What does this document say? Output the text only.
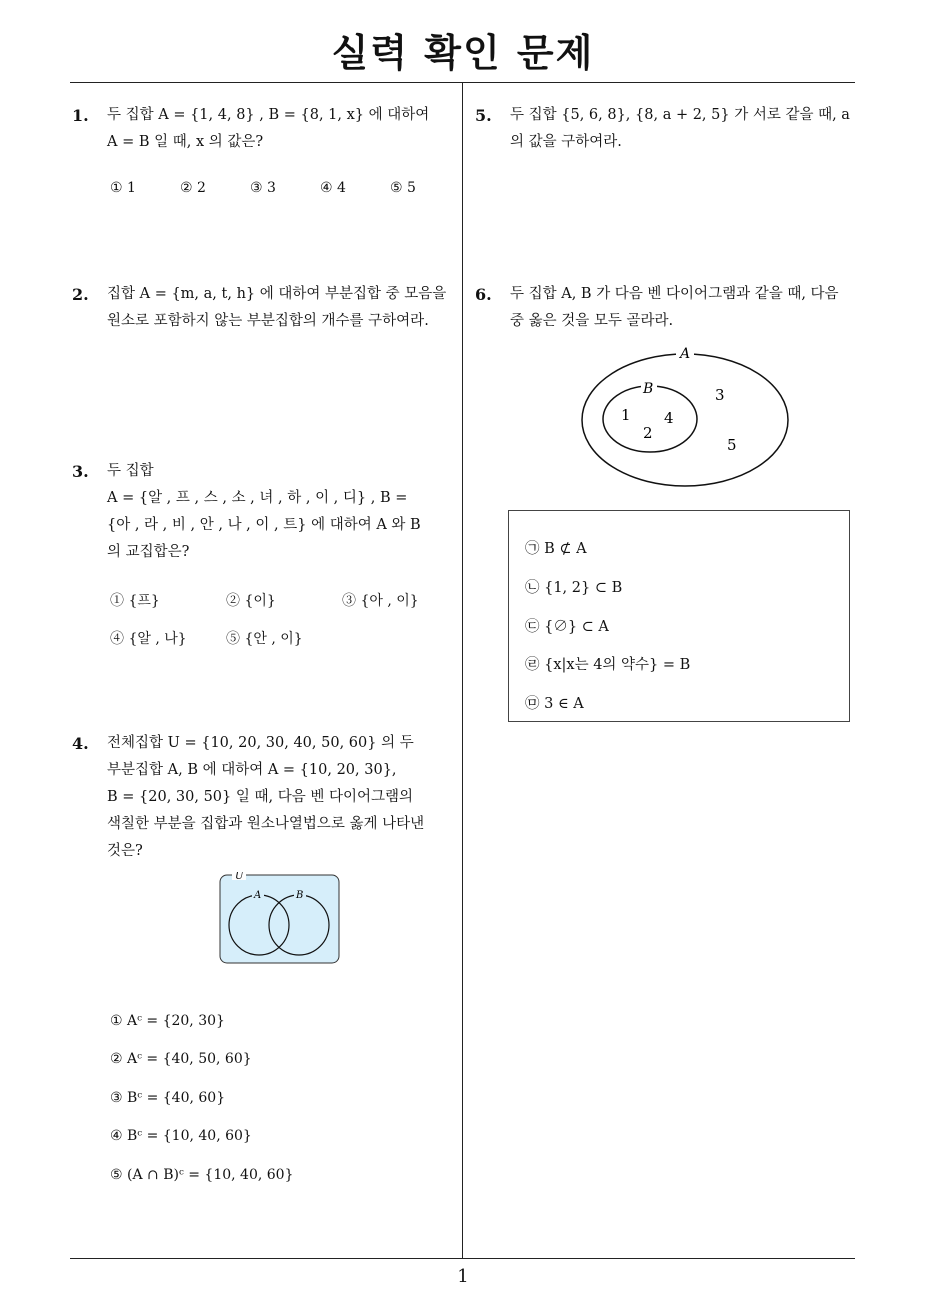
실력 확인 문제
1
1. 두 집합 A = {1, 4, 8} , B = {8, 1, x} 에 대하여
A = B 일 때, x 의 값은?
① 1	② 2	③ 3	④ 4	⑤ 5
2. 집합 A = {m, a, t, h} 에 대하여 부분집합 중 모음을
원소로 포함하지 않는 부분집합의 개수를 구하여라.
3. 두 집합
A = {알 , 프 , 스 , 소 , 녀 , 하 , 이 , 디} , B =
{아 , 라 , 비 , 안 , 나 , 이 , 트} 에 대하여 A 와 B
의 교집합은?
① {프}	② {이}	③ {아 , 이}
④ {알 , 나}	⑤ {안 , 이}
4. 전체집합 U = {10, 20, 30, 40, 50, 60} 의 두
부분집합 A, B 에 대하여 A = {10, 20, 30},
B = {20, 30, 50} 일 때, 다음 벤 다이어그램의
색칠한 부분을 집합과 원소나열법으로 옳게 나타낸
것은?
U
A	B
① Aᶜ = {20, 30}
② Aᶜ = {40, 50, 60}
③ Bᶜ = {40, 60}
④ Bᶜ = {10, 40, 60}
⑤ (A ∩ B)ᶜ = {10, 40, 60}
5. 두 집합 {5, 6, 8}, {8, a + 2, 5} 가 서로 같을 때, a
의 값을 구하여라.
6. 두 집합 A, B 가 다음 벤 다이어그램과 같을 때, 다음
중 옳은 것을 모두 골라라.
A
B
1
2
4
3
5
㉠ B ⊄ A
㉡ {1, 2} ⊂ B
㉢ {∅} ⊂ A
㉣ {x|x는 4의 약수} = B
㉤ 3 ∈ A
